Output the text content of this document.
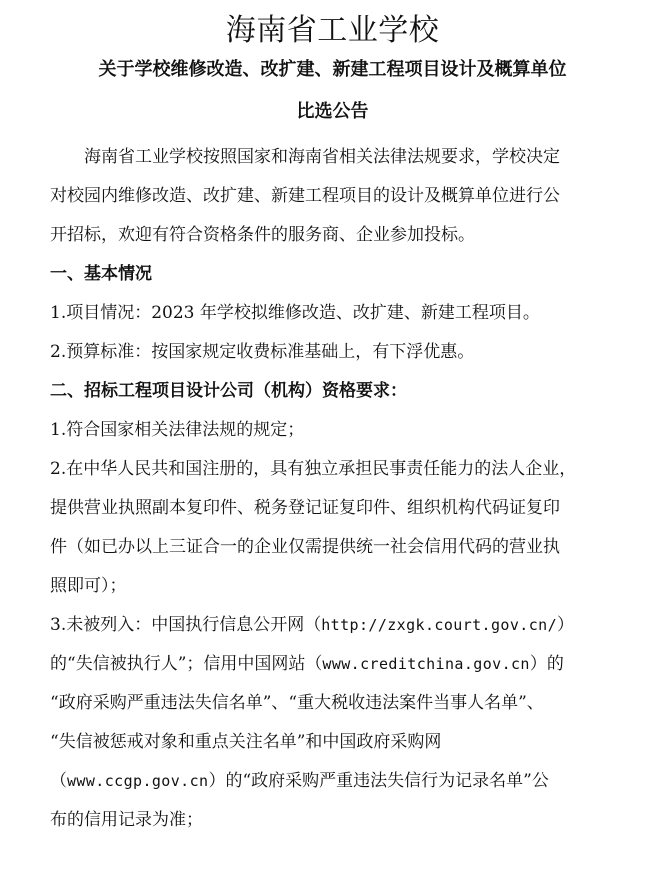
海南省工业学校
关于学校维修改造、改扩建、新建工程项目设计及概算单位
比选公告
海南省工业学校按照国家和海南省相关法律法规要求，学校决定
对校园内维修改造、改扩建、新建工程项目的设计及概算单位进行公
开招标，欢迎有符合资格条件的服务商、企业参加投标。
一、基本情况
1.项目情况：2023 年学校拟维修改造、改扩建、新建工程项目。
2.预算标准：按国家规定收费标准基础上，有下浮优惠。
二、招标工程项目设计公司（机构）资格要求：
1.符合国家相关法律法规的规定；
2.在中华人民共和国注册的，具有独立承担民事责任能力的法人企业，
提供营业执照副本复印件、税务登记证复印件、组织机构代码证复印
件（如已办以上三证合一的企业仅需提供统一社会信用代码的营业执
照即可）；
3.未被列入：中国执行信息公开网（http://zxgk.court.gov.cn/）
的“失信被执行人”；信用中国网站（www.creditchina.gov.cn）的
“政府采购严重违法失信名单”、“重大税收违法案件当事人名单”、
“失信被惩戒对象和重点关注名单”和中国政府采购网
（www.ccgp.gov.cn）的“政府采购严重违法失信行为记录名单”公
布的信用记录为准；
